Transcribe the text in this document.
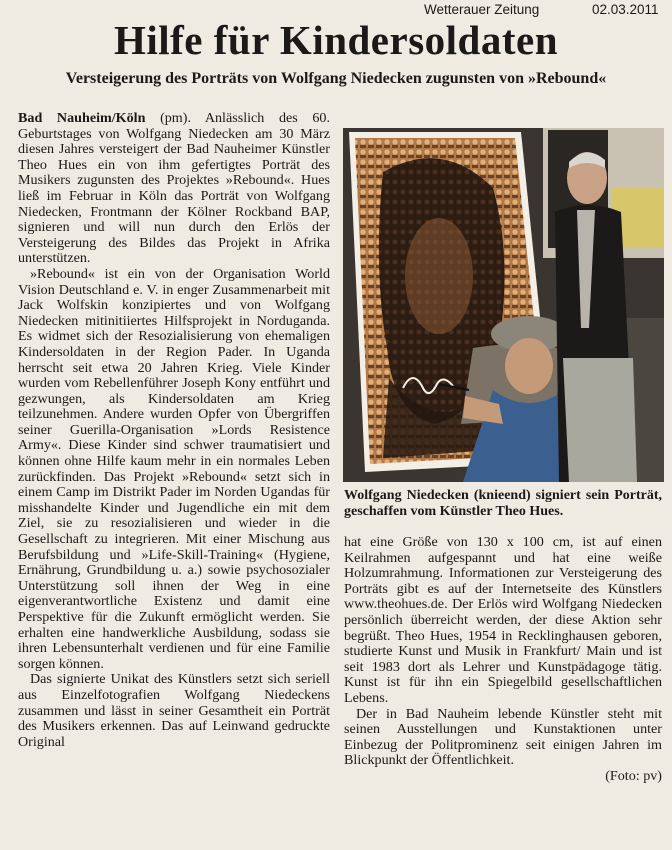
Wetterauer Zeitung	02.03.2011
Hilfe für Kindersoldaten
Versteigerung des Porträts von Wolfgang Niedecken zugunsten von »Rebound«

Bad Nauheim/Köln (pm). Anlässlich des 60. Geburtstages von Wolfgang Niedecken am 30 März diesen Jahres versteigert der Bad Nauheimer Künstler Theo Hues ein von ihm gefertigtes Porträt des Musikers zugunsten des Projektes »Rebound«. Hues ließ im Februar in Köln das Porträt von Wolfgang Niedecken, Frontmann der Kölner Rockband BAP, signieren und will nun durch den Erlös der Versteigerung des Bildes das Projekt in Afrika unterstützen.

»Rebound« ist ein von der Organisation World Vision Deutschland e. V. in enger Zusammenarbeit mit Jack Wolfskin konzipiertes und von Wolfgang Niedecken mitinitiiertes Hilfsprojekt in Norduganda. Es widmet sich der Resozialisierung von ehemaligen Kindersoldaten in der Region Pader. In Uganda herrscht seit etwa 20 Jahren Krieg. Viele Kinder wurden vom Rebellenführer Joseph Kony entführt und gezwungen, als Kindersoldaten am Krieg teilzunehmen. Andere wurden Opfer von Übergriffen seiner Guerilla-Organisation »Lords Resistence Army«. Diese Kinder sind schwer traumatisiert und können ohne Hilfe kaum mehr in ein normales Leben zurückfinden. Das Projekt »Rebound« setzt sich in einem Camp im Distrikt Pader im Norden Ugandas für misshandelte Kinder und Jugendliche ein mit dem Ziel, sie zu resozialisieren und wieder in die Gesellschaft zu integrieren. Mit einer Mischung aus Berufsbildung und »Life-Skill-Training« (Hygiene, Ernährung, Grundbildung u. a.) sowie psychosozialer Unterstützung soll ihnen der Weg in eine eigenverantwortliche Existenz und damit eine Perspektive für die Zukunft ermöglicht werden. Sie erhalten eine handwerkliche Ausbildung, sodass sie ihren Lebensunterhalt verdienen und für eine Familie sorgen können.

Das signierte Unikat des Künstlers setzt sich seriell aus Einzelfotografien Wolfgang Niedeckens zusammen und lässt in seiner Gesamtheit ein Porträt des Musikers erkennen. Das auf Leinwand gedruckte Original

Wolfgang Niedecken (knieend) signiert sein Porträt, geschaffen vom Künstler Theo Hues.

hat eine Größe von 130 x 100 cm, ist auf einen Keilrahmen aufgespannt und hat eine weiße Holzumrahmung. Informationen zur Versteigerung des Porträts gibt es auf der Internetseite des Künstlers www.theohues.de. Der Erlös wird Wolfgang Niedecken persönlich überreicht werden, der diese Aktion sehr begrüßt. Theo Hues, 1954 in Recklinghausen geboren, studierte Kunst und Musik in Frankfurt/ Main und ist seit 1983 dort als Lehrer und Kunstpädagoge tätig. Kunst ist für ihn ein Spiegelbild gesellschaftlichen Lebens.

Der in Bad Nauheim lebende Künstler steht mit seinen Ausstellungen und Kunstaktionen unter Einbezug der Politprominenz seit einigen Jahren im Blickpunkt der Öffentlichkeit.

(Foto: pv)
